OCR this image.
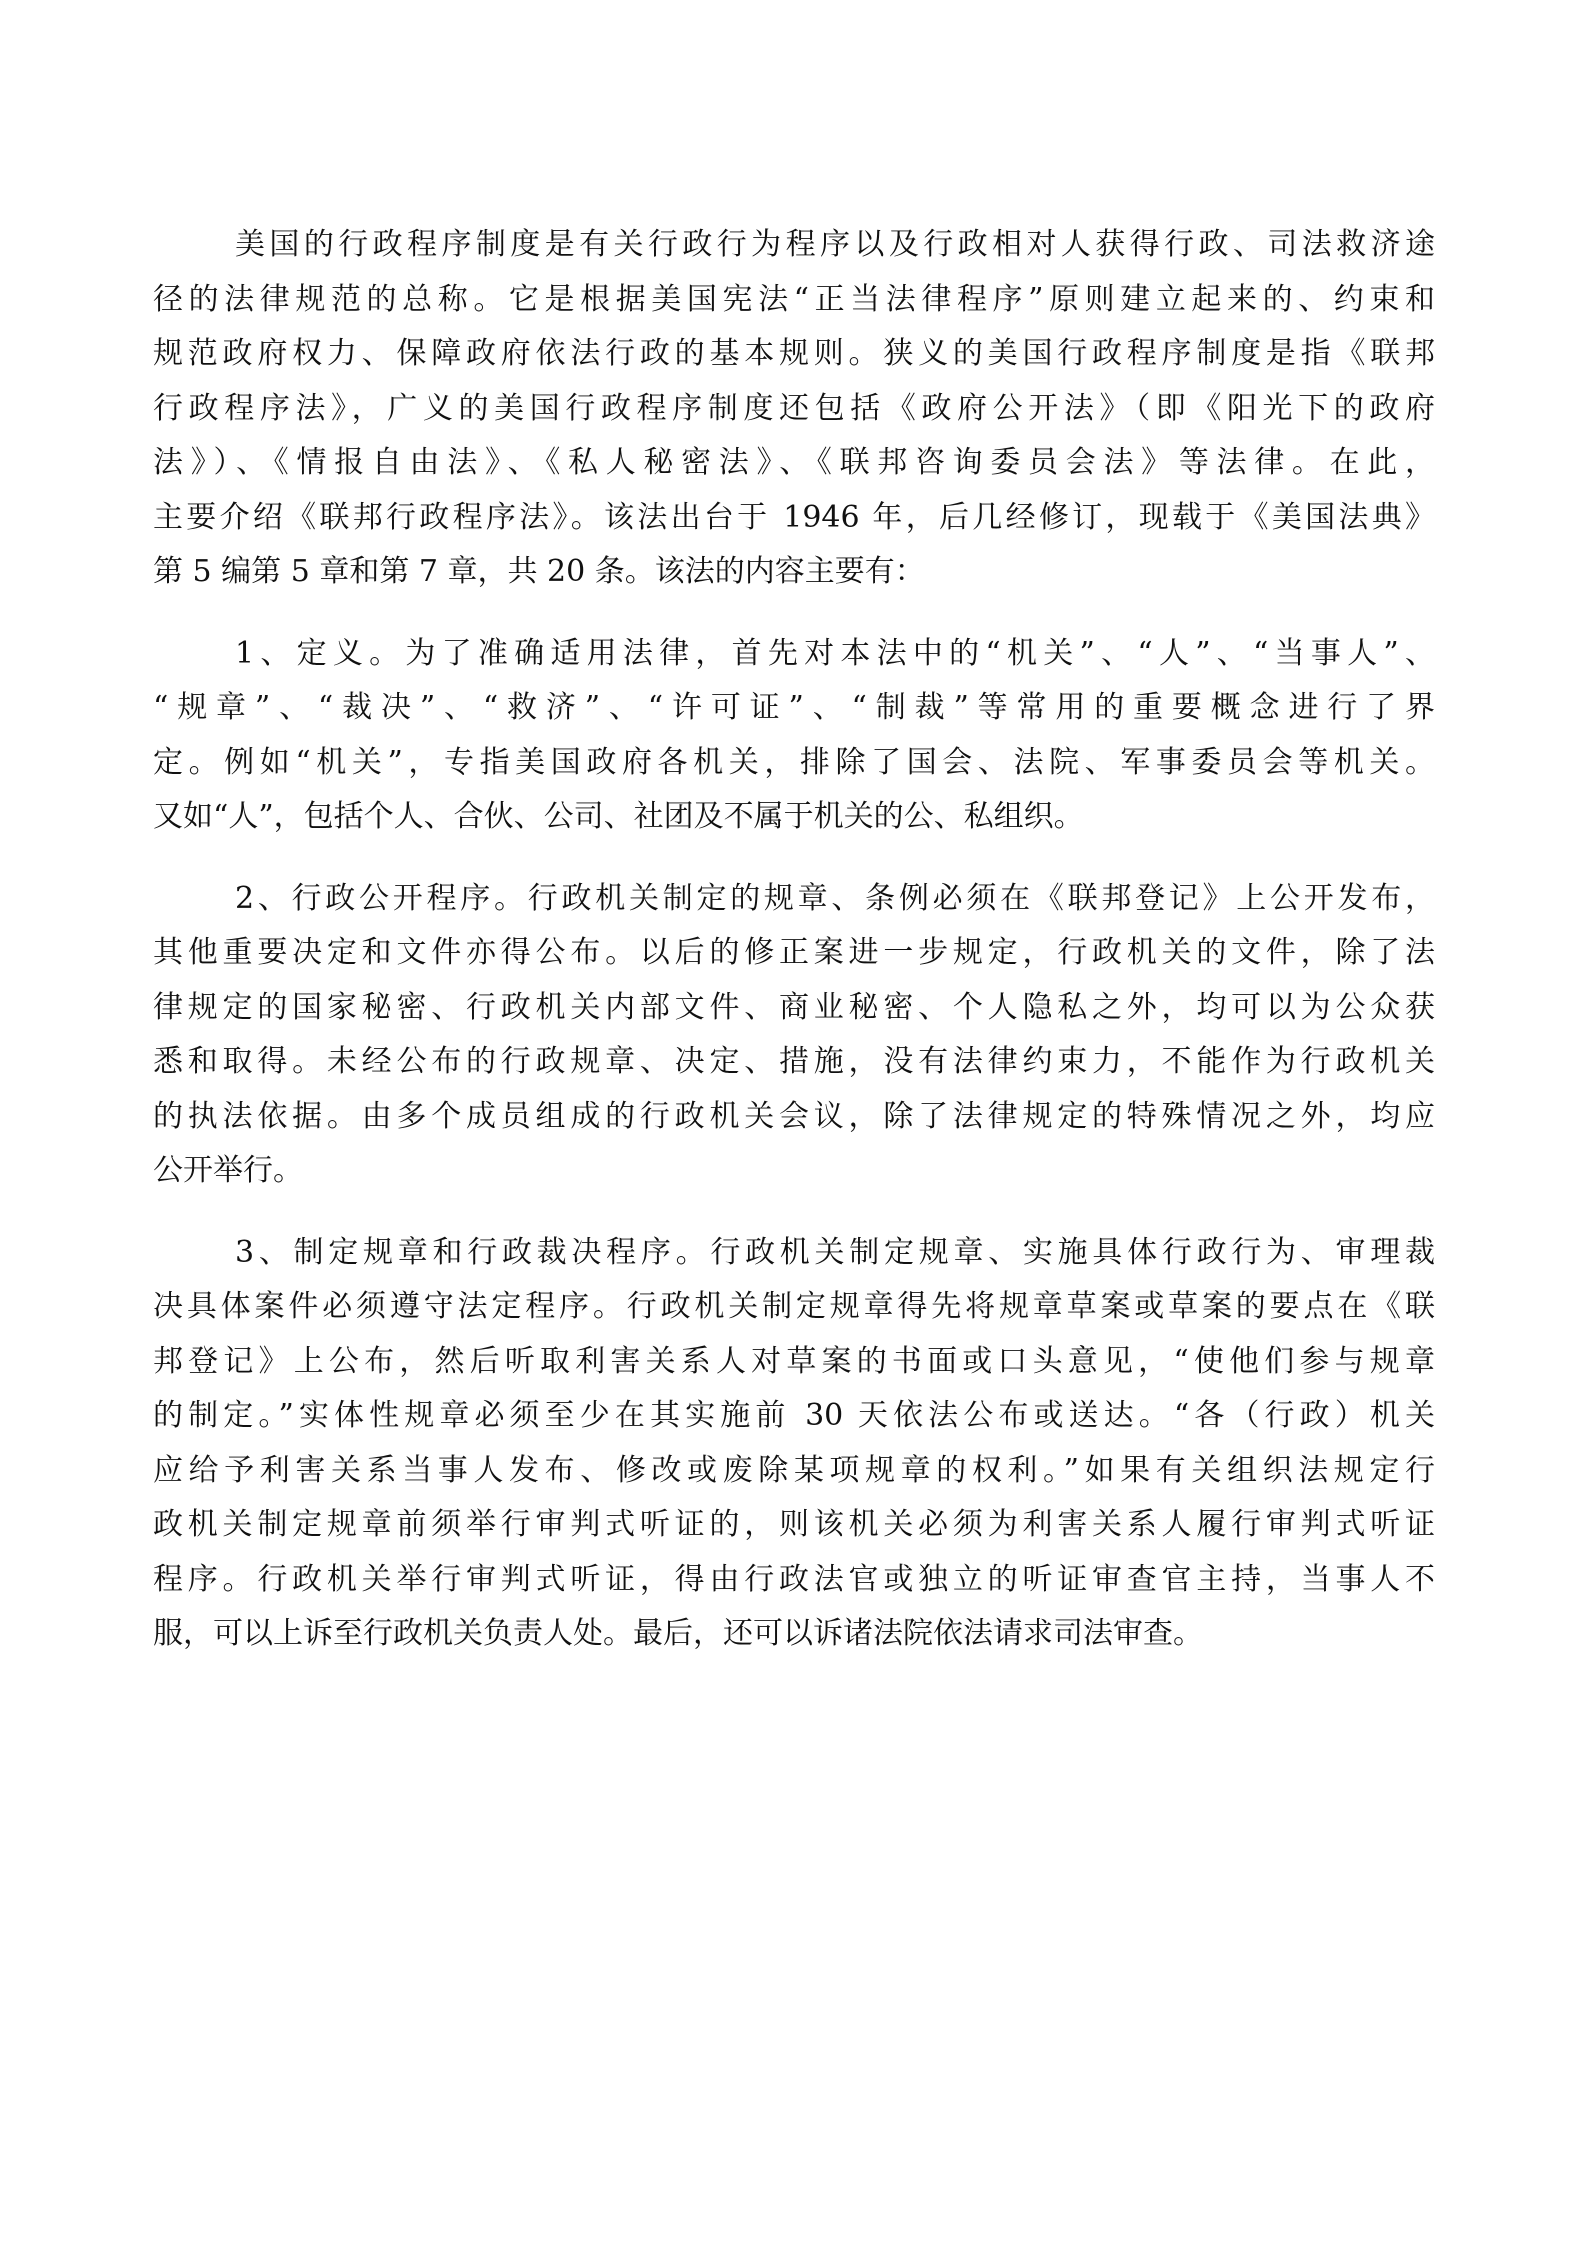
美国的行政程序制度是有关行政行为程序以及行政相对人获得行政、司法救济途
径的法律规范的总称。它是根据美国宪法“正当法律程序”原则建立起来的、约束和
规范政府权力、保障政府依法行政的基本规则。狭义的美国行政程序制度是指《联邦
行政程序法》，广义的美国行政程序制度还包括《政府公开法》（即《阳光下的政府
法》）、《情报自由法》、《私人秘密法》、《联邦咨询委员会法》等法律。在此，
主要介绍《联邦行政程序法》。该法出台于 1946 年，后几经修订，现载于《美国法典》
第 5 编第 5 章和第 7 章，共 20 条。该法的内容主要有：
1、定义。为了准确适用法律，首先对本法中的“机关”、“人”、“当事人”、
“规章”、“裁决”、“救济”、“许可证”、“制裁”等常用的重要概念进行了界
定。例如“机关”，专指美国政府各机关，排除了国会、法院、军事委员会等机关。
又如“人”，包括个人、合伙、公司、社团及不属于机关的公、私组织。
2、行政公开程序。行政机关制定的规章、条例必须在《联邦登记》上公开发布，
其他重要决定和文件亦得公布。以后的修正案进一步规定，行政机关的文件，除了法
律规定的国家秘密、行政机关内部文件、商业秘密、个人隐私之外，均可以为公众获
悉和取得。未经公布的行政规章、决定、措施，没有法律约束力，不能作为行政机关
的执法依据。由多个成员组成的行政机关会议，除了法律规定的特殊情况之外，均应
公开举行。
3、制定规章和行政裁决程序。行政机关制定规章、实施具体行政行为、审理裁
决具体案件必须遵守法定程序。行政机关制定规章得先将规章草案或草案的要点在《联
邦登记》上公布，然后听取利害关系人对草案的书面或口头意见，“使他们参与规章
的制定。”实体性规章必须至少在其实施前 30 天依法公布或送达。“各（行政）机关
应给予利害关系当事人发布、修改或废除某项规章的权利。”如果有关组织法规定行
政机关制定规章前须举行审判式听证的，则该机关必须为利害关系人履行审判式听证
程序。行政机关举行审判式听证，得由行政法官或独立的听证审查官主持，当事人不
服，可以上诉至行政机关负责人处。最后，还可以诉诸法院依法请求司法审查。
